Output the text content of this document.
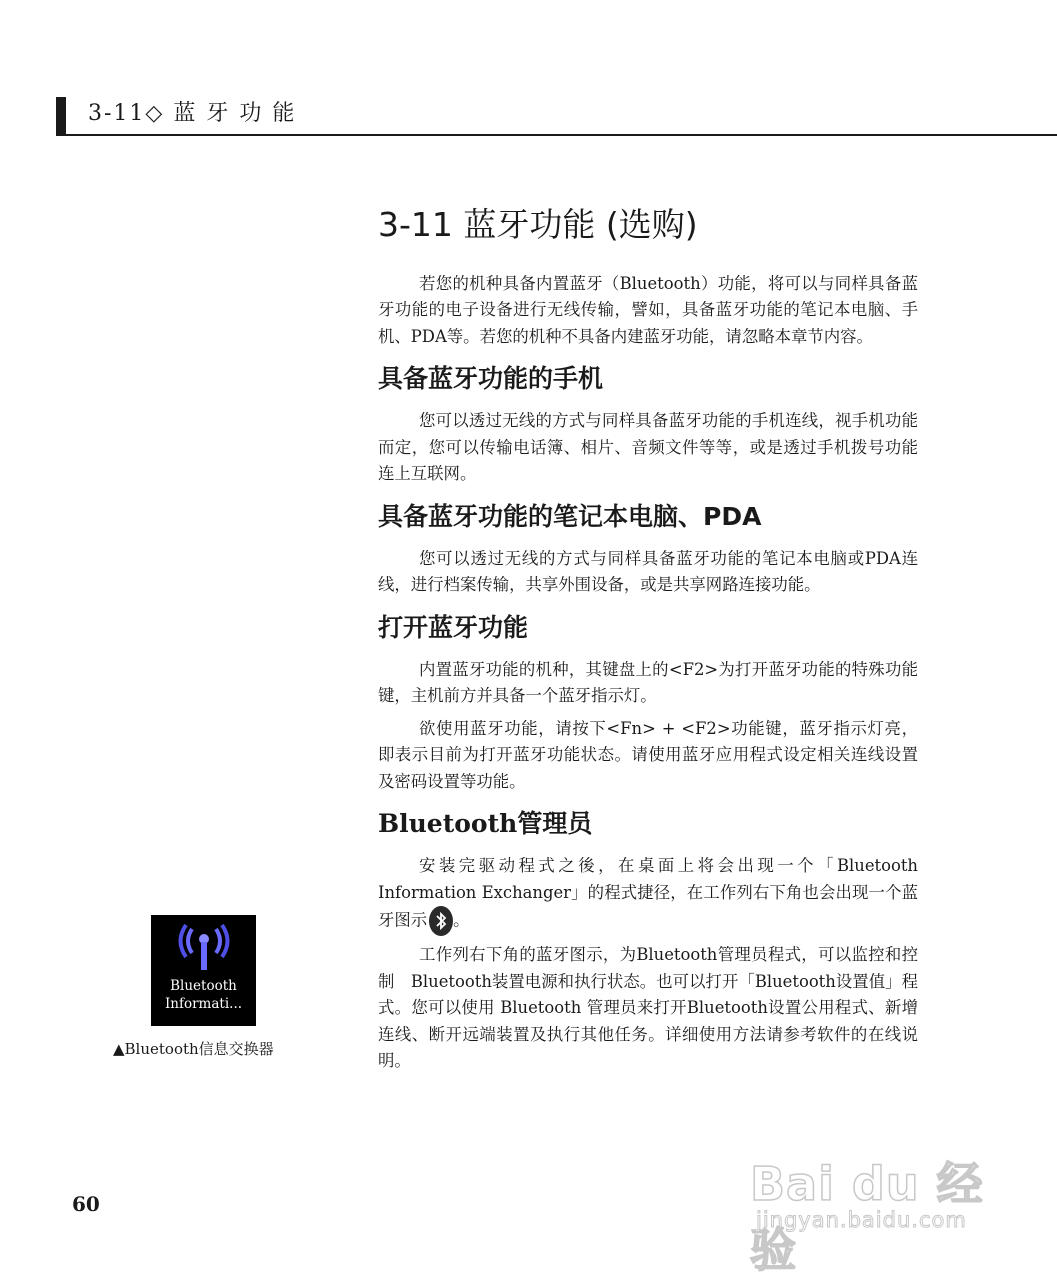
3-11◇ 蓝 牙 功 能
3-11 蓝牙功能 (选购)

若您的机种具备内置蓝牙（Bluetooth）功能，将可以与同样具备蓝牙功能的电子设备进行无线传输，譬如，具备蓝牙功能的笔记本电脑、手机、PDA等。若您的机种不具备内建蓝牙功能，请忽略本章节内容。

具备蓝牙功能的手机

您可以透过无线的方式与同样具备蓝牙功能的手机连线，视手机功能而定，您可以传输电话簿、相片、音频文件等等，或是透过手机拨号功能连上互联网。

具备蓝牙功能的笔记本电脑、PDA

您可以透过无线的方式与同样具备蓝牙功能的笔记本电脑或PDA连线，进行档案传输，共享外围设备，或是共享网路连接功能。

打开蓝牙功能

内置蓝牙功能的机种，其键盘上的<F2>为打开蓝牙功能的特殊功能键，主机前方并具备一个蓝牙指示灯。

欲使用蓝牙功能，请按下<Fn> + <F2>功能键，蓝牙指示灯亮，即表示目前为打开蓝牙功能状态。请使用蓝牙应用程式设定相关连线设置及密码设置等功能。

Bluetooth管理员

安装完驱动程式之後，在桌面上将会出现一个「Bluetooth Information Exchanger」的程式捷径，在工作列右下角也会出现一个蓝牙图示 。

工作列右下角的蓝牙图示，为Bluetooth管理员程式，可以监控和控制　Bluetooth装置电源和执行状态。也可以打开「Bluetooth设置值」程式。您可以使用 Bluetooth 管理员来打开Bluetooth设置公用程式、新增连线、断开远端装置及执行其他任务。详细使用方法请参考软件的在线说明。

Bluetooth
Informati...
▲Bluetooth信息交换器
60	Bai du 经验
jingyan.baidu.com
